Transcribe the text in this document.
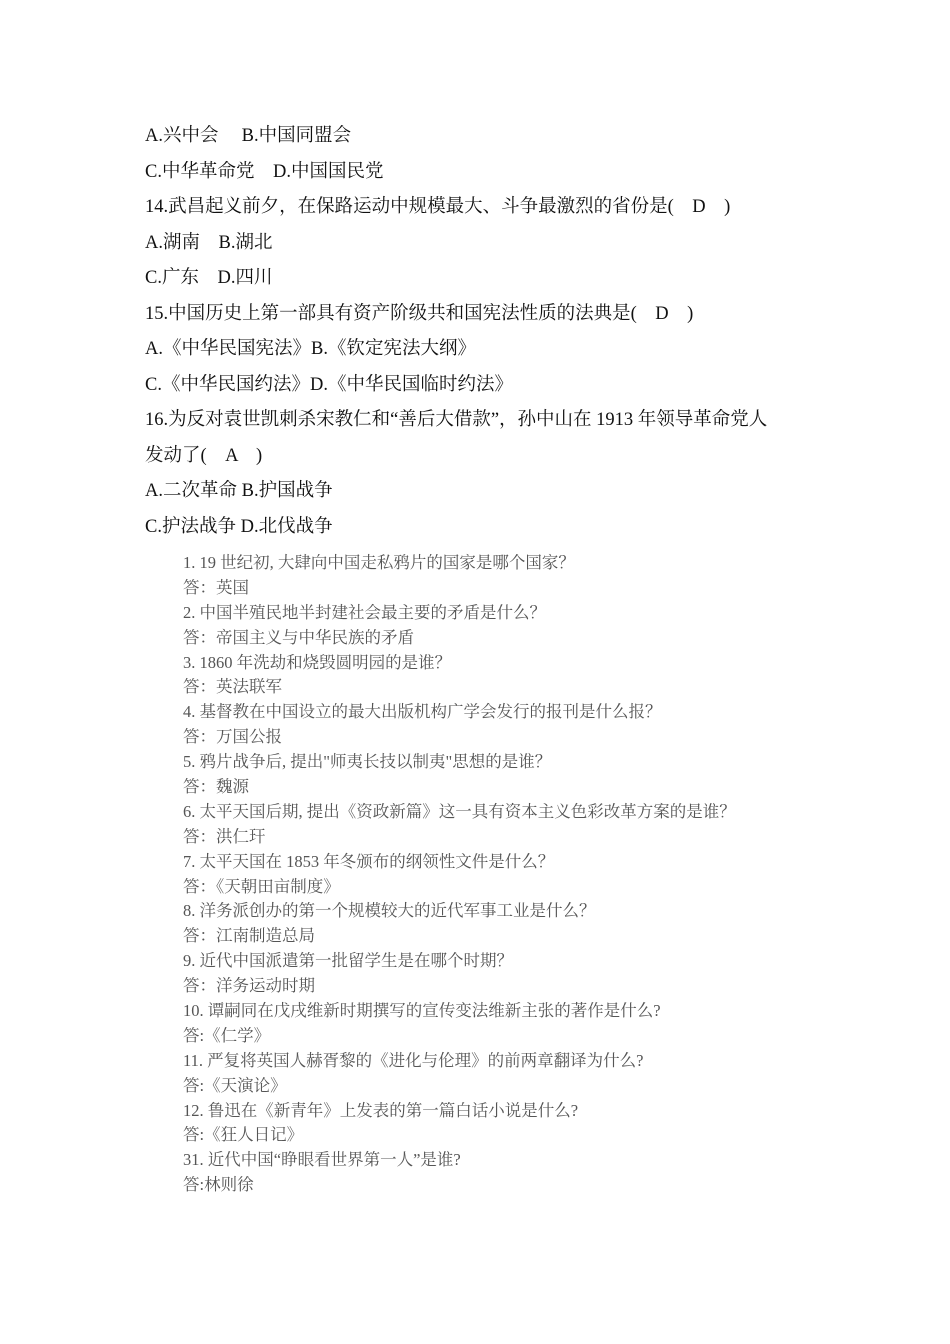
A.兴中会　 B.中国同盟会
C.中华革命党　D.中国国民党
14.武昌起义前夕，在保路运动中规模最大、斗争最激烈的省份是(　D　)
A.湖南　B.湖北
C.广东　D.四川
15.中国历史上第一部具有资产阶级共和国宪法性质的法典是(　D　)
A.《中华民国宪法》B.《钦定宪法大纲》
C.《中华民国约法》D.《中华民国临时约法》
16.为反对袁世凯刺杀宋教仁和“善后大借款”，孙中山在 1913 年领导革命党人
发动了(　A　)
A.二次革命 B.护国战争
C.护法战争 D.北伐战争
1. 19 世纪初, 大肆向中国走私鸦片的国家是哪个国家？
答：英国
2. 中国半殖民地半封建社会最主要的矛盾是什么？
答：帝国主义与中华民族的矛盾
3. 1860 年洗劫和烧毁圆明园的是谁？
答：英法联军
4. 基督教在中国设立的最大出版机构广学会发行的报刊是什么报？
答：万国公报
5. 鸦片战争后, 提出"师夷长技以制夷"思想的是谁？
答：魏源
6. 太平天国后期, 提出《资政新篇》这一具有资本主义色彩改革方案的是谁？
答：洪仁玕
7. 太平天国在 1853 年冬颁布的纲领性文件是什么？
答：《天朝田亩制度》
8. 洋务派创办的第一个规模较大的近代军事工业是什么？
答：江南制造总局
9. 近代中国派遣第一批留学生是在哪个时期？
答：洋务运动时期
10. 谭嗣同在戊戌维新时期撰写的宣传变法维新主张的著作是什么?
答:《仁学》
11. 严复将英国人赫胥黎的《进化与伦理》的前两章翻译为什么?
答:《天演论》
12. 鲁迅在《新青年》上发表的第一篇白话小说是什么?
答:《狂人日记》
31. 近代中国“睁眼看世界第一人”是谁?
答:林则徐
